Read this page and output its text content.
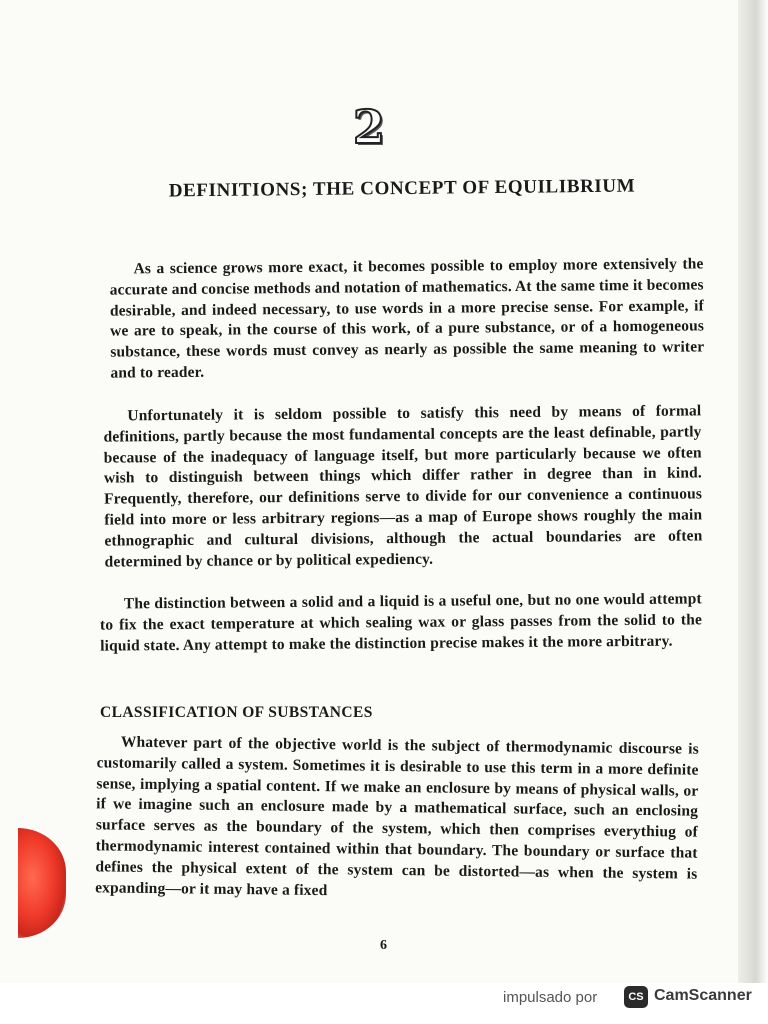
2
DEFINITIONS; THE CONCEPT OF EQUILIBRIUM
As a science grows more exact, it becomes possible to employ more extensively the accurate and concise methods and notation of mathematics. At the same time it becomes desirable, and indeed necessary, to use words in a more precise sense. For example, if we are to speak, in the course of this work, of a pure substance, or of a homogeneous substance, these words must convey as nearly as possible the same meaning to writer and to reader.
Unfortunately it is seldom possible to satisfy this need by means of formal definitions, partly because the most fundamental concepts are the least definable, partly because of the inadequacy of language itself, but more particularly because we often wish to distinguish between things which differ rather in degree than in kind. Frequently, therefore, our definitions serve to divide for our convenience a continuous field into more or less arbitrary regions—as a map of Europe shows roughly the main ethnographic and cultural divisions, although the actual boundaries are often determined by chance or by political expediency.
The distinction between a solid and a liquid is a useful one, but no one would attempt to fix the exact temperature at which sealing wax or glass passes from the solid to the liquid state. Any attempt to make the distinction precise makes it the more arbitrary.
CLASSIFICATION OF SUBSTANCES
Whatever part of the objective world is the subject of thermodynamic discourse is customarily called a system. Sometimes it is desirable to use this term in a more definite sense, implying a spatial content. If we make an enclosure by means of physical walls, or if we imagine such an enclosure made by a mathematical surface, such an enclosing surface serves as the boundary of the system, which then comprises everythiug of thermodynamic interest contained within that boundary. The boundary or surface that defines the physical extent of the system can be distorted—as when the system is expanding—or it may have a fixed
6
impulsado por	CS CamScanner
